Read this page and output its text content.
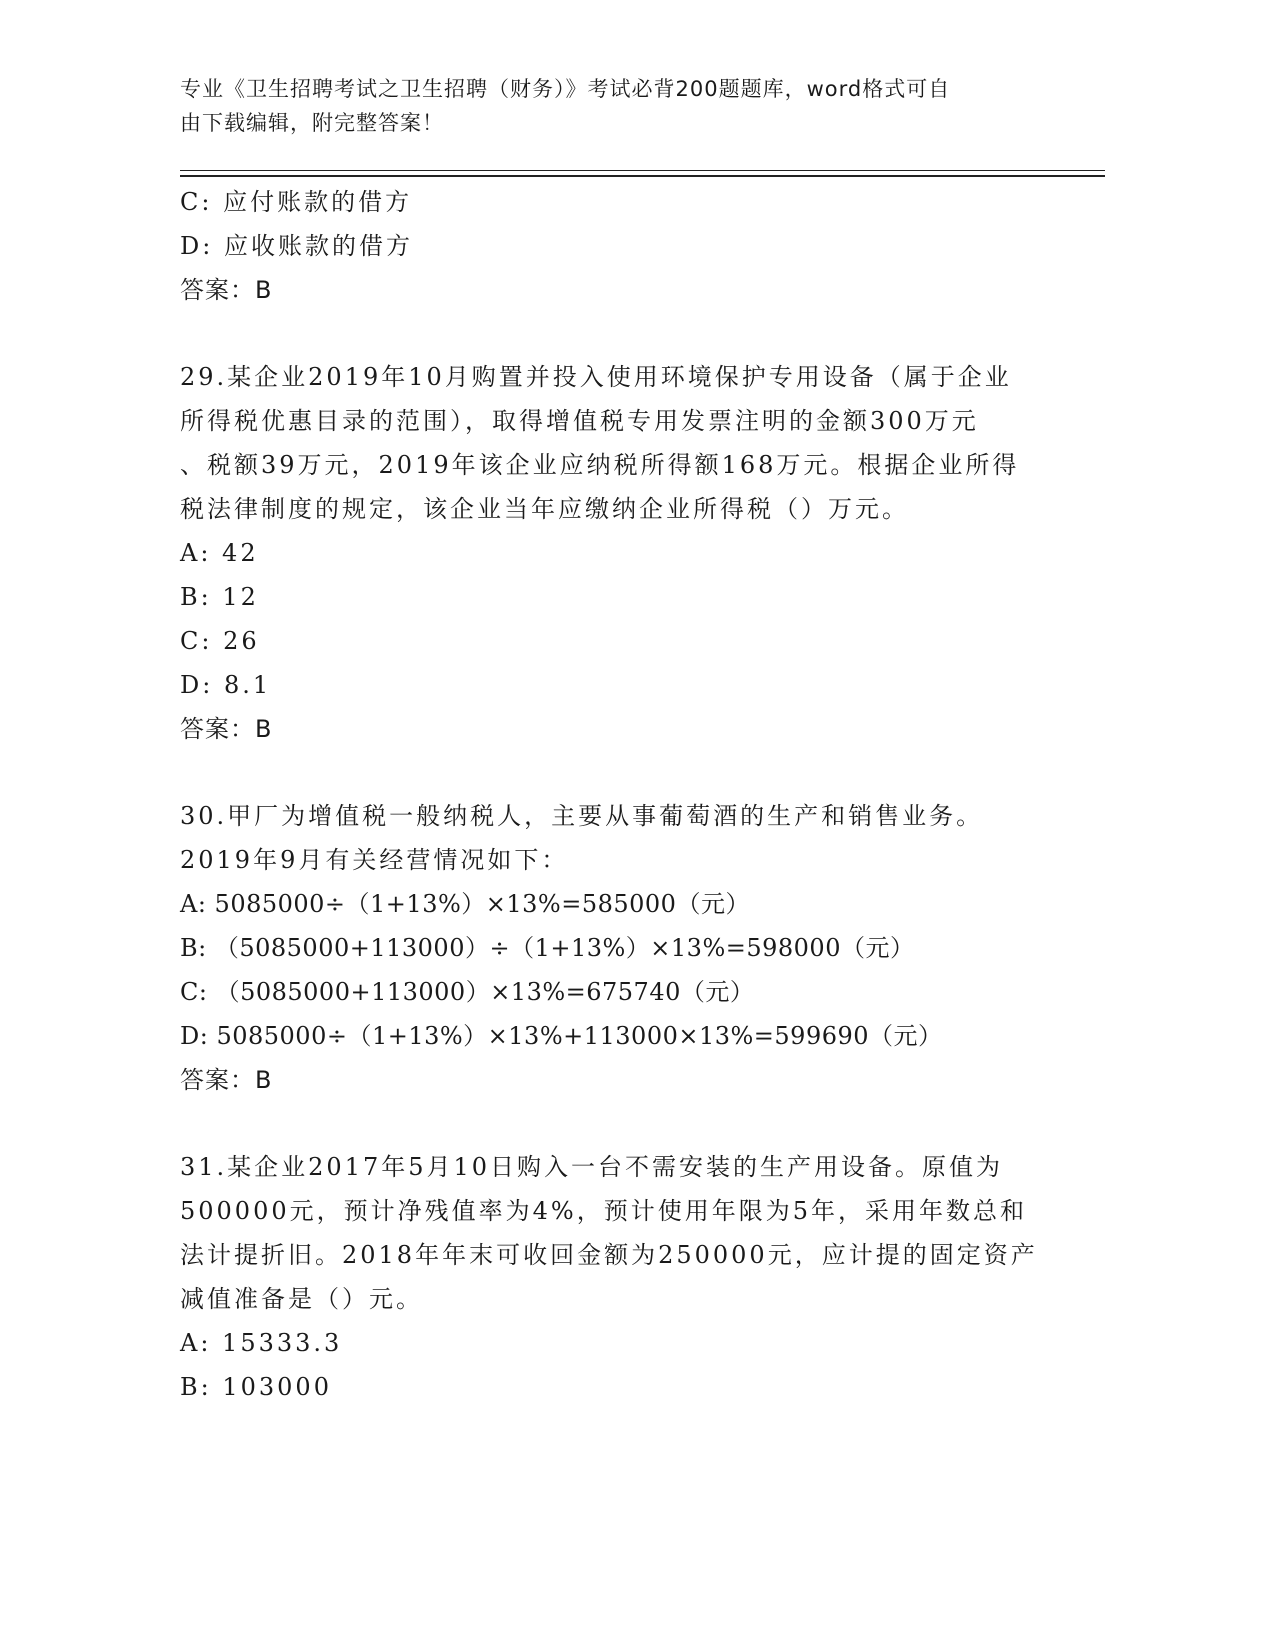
专业《卫生招聘考试之卫生招聘（财务）》考试必背200题题库，word格式可自
由下载编辑，附完整答案！
C: 应付账款的借方
D: 应收账款的借方
答案：B
29.某企业2019年10月购置并投入使用环境保护专用设备（属于企业
所得税优惠目录的范围），取得增值税专用发票注明的金额300万元
、税额39万元，2019年该企业应纳税所得额168万元。根据企业所得
税法律制度的规定，该企业当年应缴纳企业所得税（）万元。
A: 42
B: 12
C: 26
D: 8.1
答案：B
30.甲厂为增值税一般纳税人，主要从事葡萄酒的生产和销售业务。
2019年9月有关经营情况如下：
A: 5085000÷（1+13%）×13%=585000（元）
B: （5085000+113000）÷（1+13%）×13%=598000（元）
C: （5085000+113000）×13%=675740（元）
D: 5085000÷（1+13%）×13%+113000×13%=599690（元）
答案：B
31.某企业2017年5月10日购入一台不需安装的生产用设备。原值为
500000元，预计净残值率为4%，预计使用年限为5年，采用年数总和
法计提折旧。2018年年末可收回金额为250000元，应计提的固定资产
减值准备是（）元。
A: 15333.3
B: 103000
